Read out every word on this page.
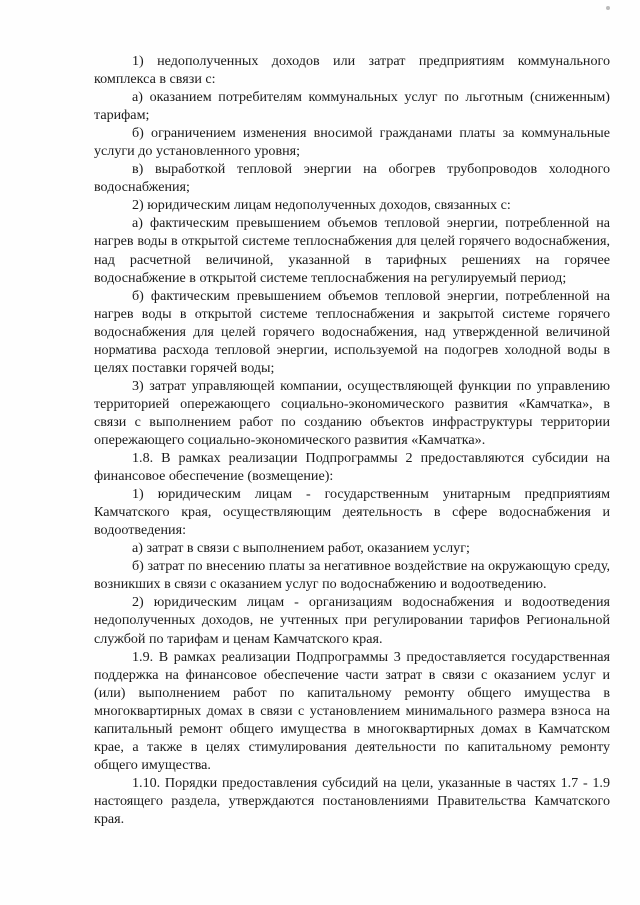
1) недополученных доходов или затрат предприятиям коммунального комплекса в связи с:

а) оказанием потребителям коммунальных услуг по льготным (сниженным) тарифам;

б) ограничением изменения вносимой гражданами платы за коммунальные услуги до установленного уровня;

в) выработкой тепловой энергии на обогрев трубопроводов холодного водоснабжения;

2) юридическим лицам недополученных доходов, связанных с:

а) фактическим превышением объемов тепловой энергии, потребленной на нагрев воды в открытой системе теплоснабжения для целей горячего водоснабжения, над расчетной величиной, указанной в тарифных решениях на горячее водоснабжение в открытой системе теплоснабжения на регулируемый период;

б) фактическим превышением объемов тепловой энергии, потребленной на нагрев воды в открытой системе теплоснабжения и закрытой системе горячего водоснабжения для целей горячего водоснабжения, над утвержденной величиной норматива расхода тепловой энергии, используемой на подогрев холодной воды в целях поставки горячей воды;

3) затрат управляющей компании, осуществляющей функции по управлению территорией опережающего социально-экономического развития «Камчатка», в связи с выполнением работ по созданию объектов инфраструктуры территории опережающего социально-экономического развития «Камчатка».

1.8. В рамках реализации Подпрограммы 2 предоставляются субсидии на финансовое обеспечение (возмещение):

1) юридическим лицам - государственным унитарным предприятиям Камчатского края, осуществляющим деятельность в сфере водоснабжения и водоотведения:

а) затрат в связи с выполнением работ, оказанием услуг;

б) затрат по внесению платы за негативное воздействие на окружающую среду, возникших в связи с оказанием услуг по водоснабжению и водоотведению.

2) юридическим лицам - организациям водоснабжения и водоотведения недополученных доходов, не учтенных при регулировании тарифов Региональной службой по тарифам и ценам Камчатского края.

1.9. В рамках реализации Подпрограммы 3 предоставляется государственная поддержка на финансовое обеспечение части затрат в связи с оказанием услуг и (или) выполнением работ по капитальному ремонту общего имущества в многоквартирных домах в связи с установлением минимального размера взноса на капитальный ремонт общего имущества в многоквартирных домах в Камчатском крае, а также в целях стимулирования деятельности по капитальному ремонту общего имущества.

1.10. Порядки предоставления субсидий на цели, указанные в частях 1.7 - 1.9 настоящего раздела, утверждаются постановлениями Правительства Камчатского края.
